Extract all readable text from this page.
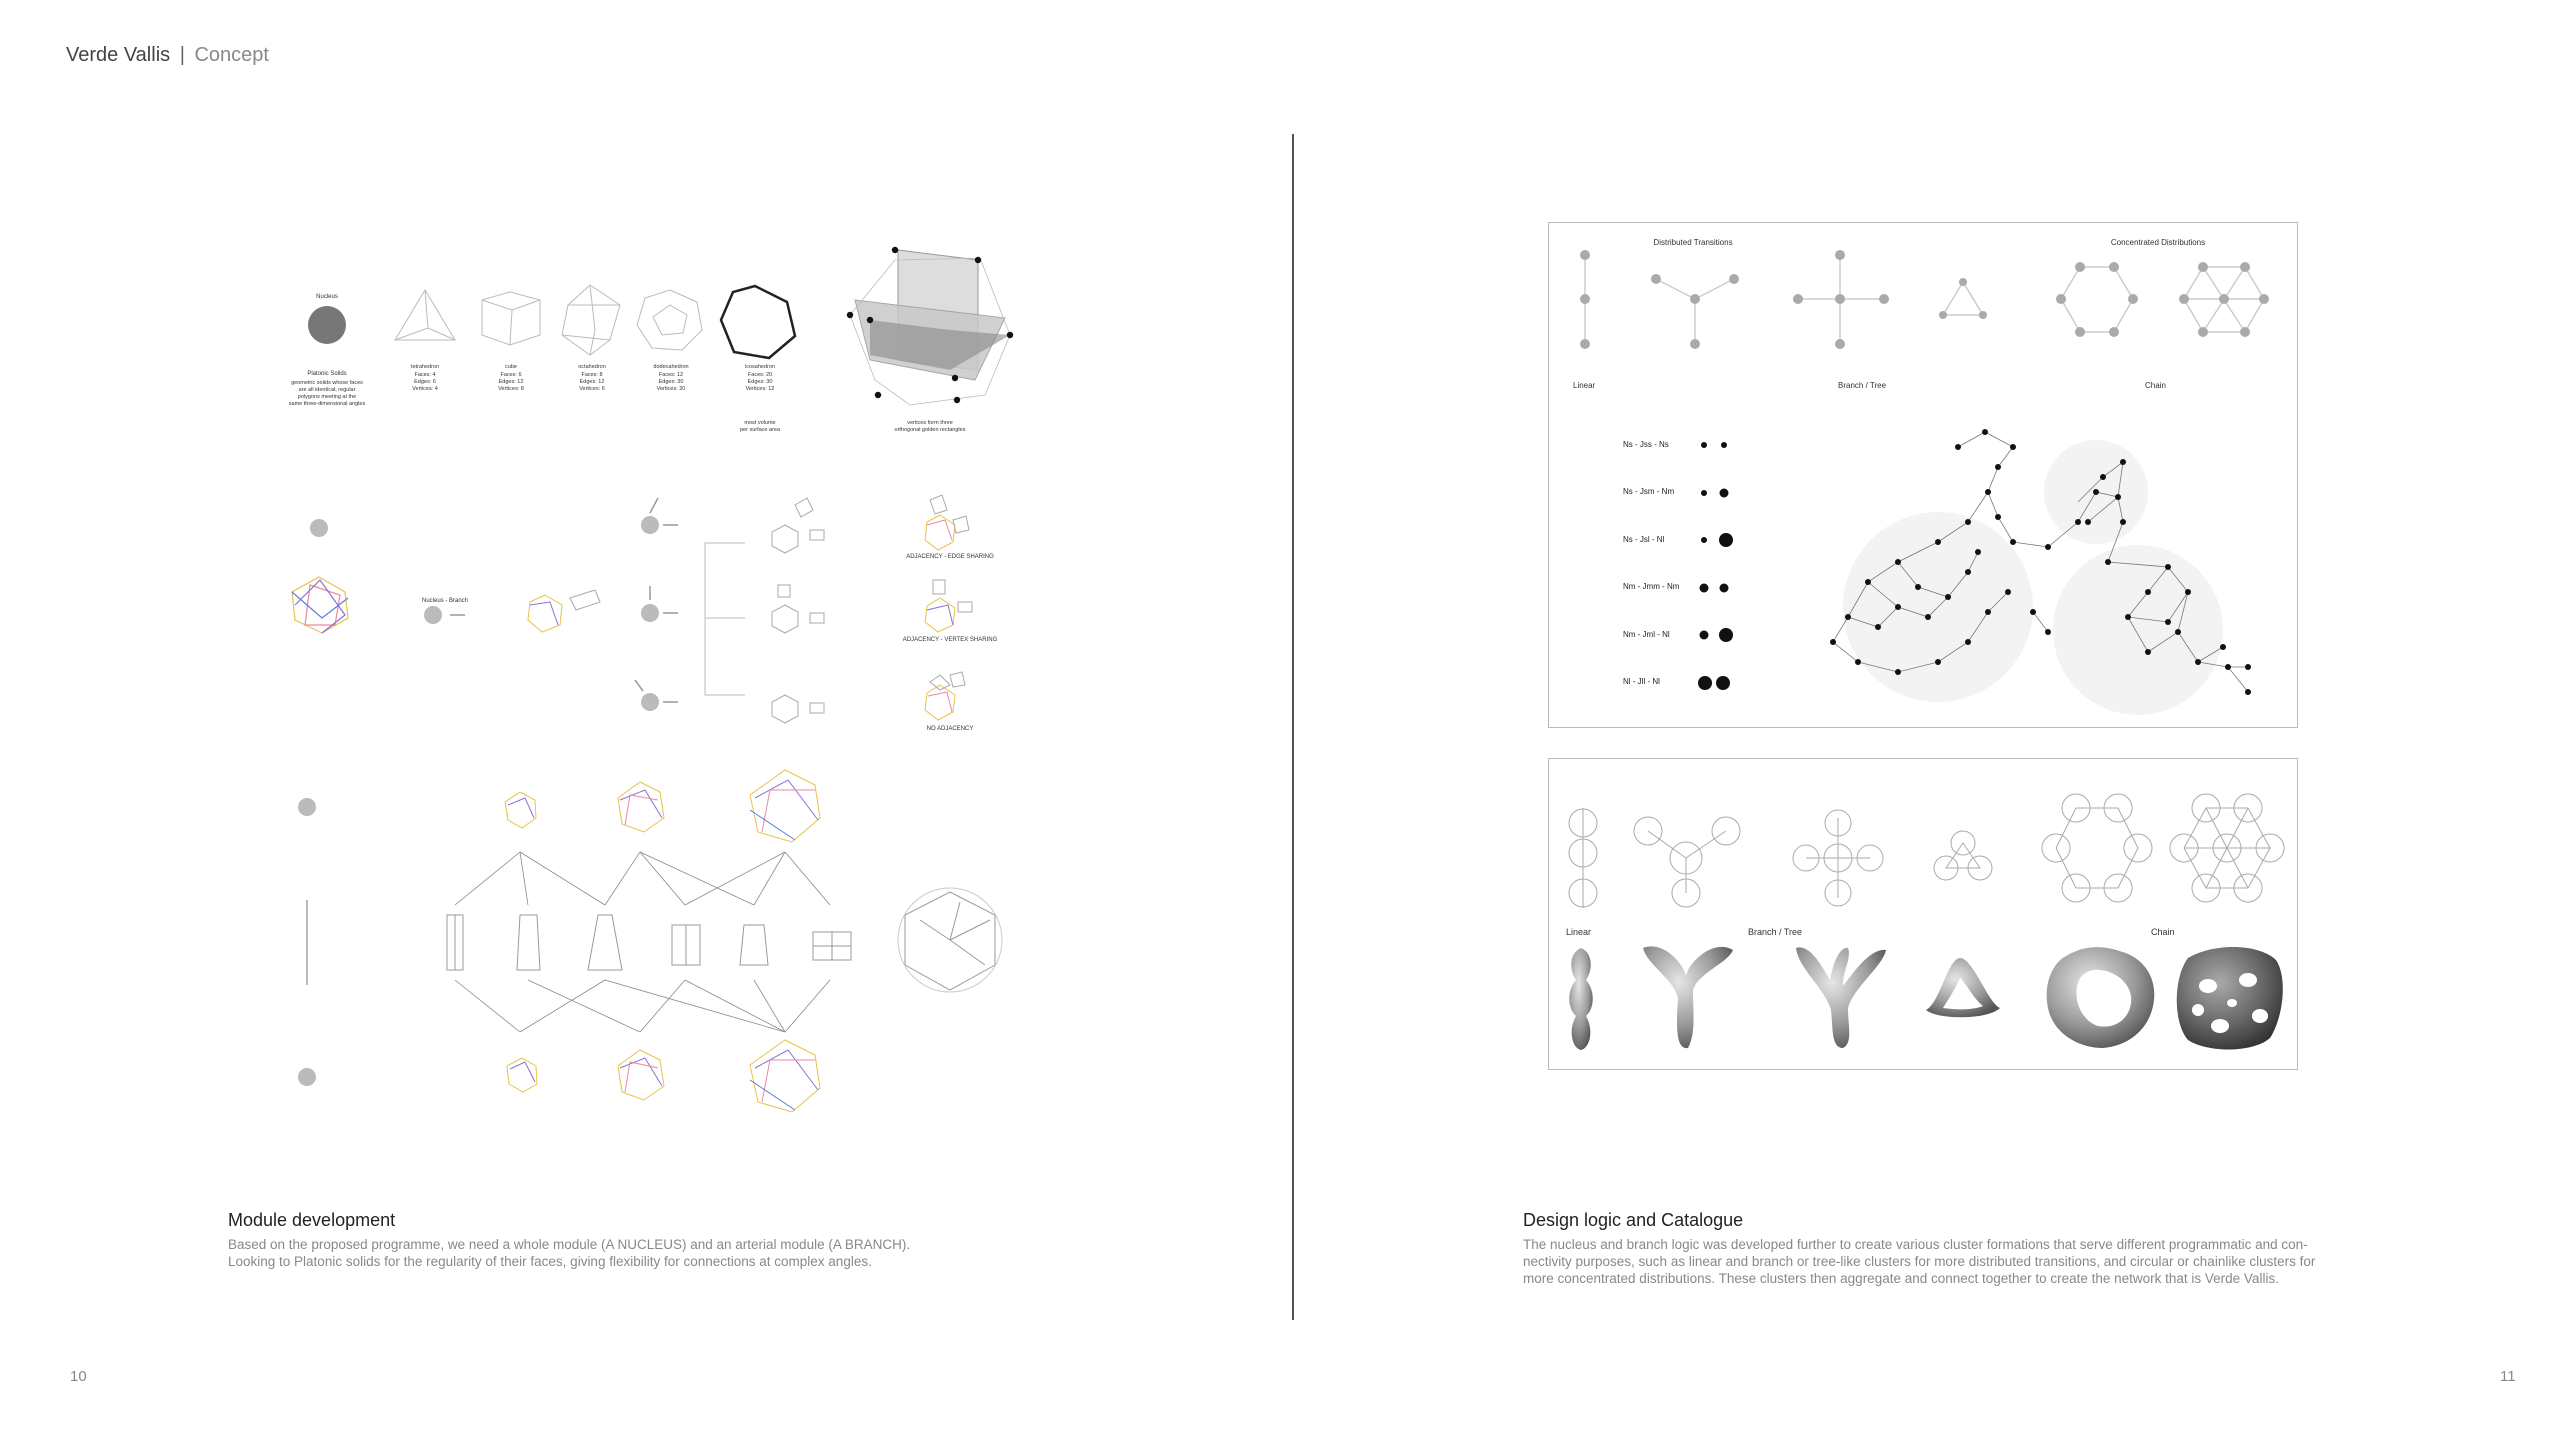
Verde Vallis | Concept
Nucleus
Platonic Solids
geometric solids whose faces
are all identical, regular
polygons meeting at the
same three-dimensional angles
tetrahedron
Faces: 4
Edges: 6
Vertices: 4
cube
Faces: 6
Edges: 12
Vertices: 8
octahedron
Faces: 8
Edges: 12
Vertices: 6
dodecahedron
Faces: 12
Edges: 30
Vertices: 20
icosahedron
Faces: 20
Edges: 30
Vertices: 12
most volume
per surface area
vertices form three
orthogonal golden rectangles
Nucleus - Branch
ADJACENCY - EDGE SHARING
ADJACENCY - VERTEX SHARING
NO ADJACENCY
Module development
Based on the proposed programme, we need a whole module (A NUCLEUS) and an arterial module (A BRANCH).
Looking to Platonic solids for the regularity of their faces, giving flexibility for connections at complex angles.
Distributed Transitions	Concentrated Distributions
Linear	Branch / Tree	Chain
Ns - Jss - Ns
Ns - Jsm - Nm
Ns - Jsl - Nl
Nm - Jmm - Nm
Nm - Jml - Nl
Nl - Jll - Nl
Linear	Branch / Tree	Chain
Design logic and Catalogue
The nucleus and branch logic was developed further to create various cluster formations that serve different programmatic and con-
nectivity purposes, such as linear and branch or tree-like clusters for more distributed transitions, and circular or chainlike clusters for
more concentrated distributions. These clusters then aggregate and connect together to create the network that is Verde Vallis.
10	11
